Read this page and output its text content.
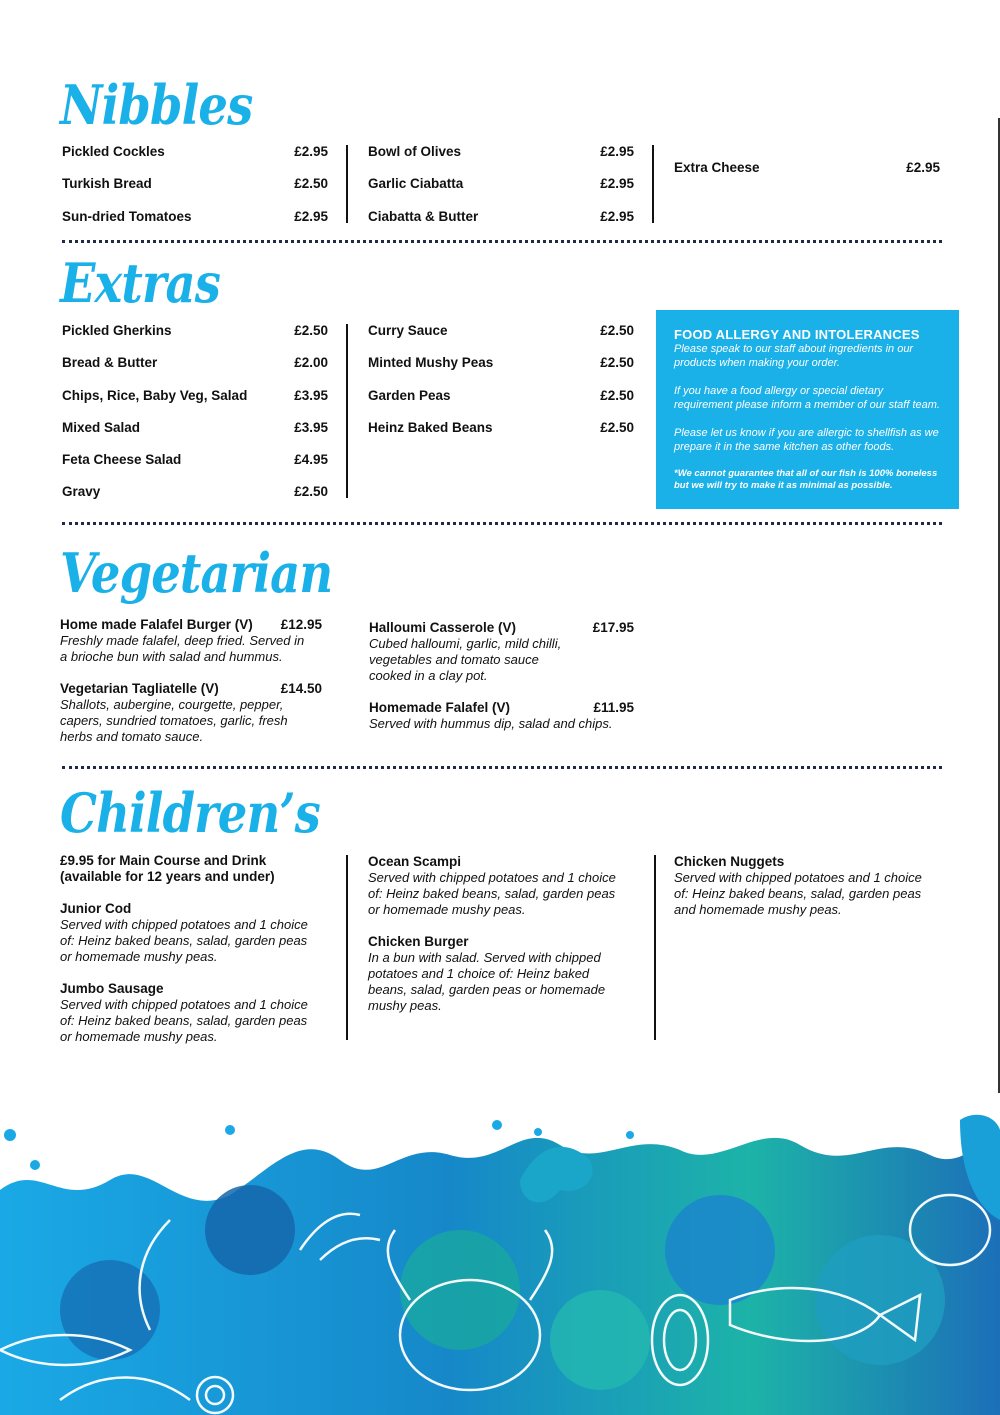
Nibbles
Pickled Cockles	£2.95
Turkish Bread	£2.50
Sun-dried Tomatoes	£2.95
Bowl of Olives	£2.95
Garlic Ciabatta	£2.95
Ciabatta & Butter	£2.95
Extra Cheese	£2.95
Extras
Pickled Gherkins	£2.50
Bread & Butter	£2.00
Chips, Rice, Baby Veg, Salad	£3.95
Mixed Salad	£3.95
Feta Cheese Salad	£4.95
Gravy	£2.50
Curry Sauce	£2.50
Minted Mushy Peas	£2.50
Garden Peas	£2.50
Heinz Baked Beans	£2.50
FOOD ALLERGY AND INTOLERANCES

Please speak to our staff about ingredients in our products when making your order.

If you have a food allergy or special dietary requirement please inform a member of our staff team.

Please let us know if you are allergic to shellfish as we prepare it in the same kitchen as other foods.

*We cannot guarantee that all of our fish is 100% boneless but we will try to make it as minimal as possible.
Vegetarian
Home made Falafel Burger (V) £12.95
Freshly made falafel, deep fried. Served in a brioche bun with salad and hummus.
Vegetarian Tagliatelle (V)	£14.50
Shallots, aubergine, courgette, pepper, capers, sundried tomatoes, garlic, fresh herbs and tomato sauce.
Halloumi Casserole (V)	£17.95
Cubed halloumi, garlic, mild chilli, vegetables and tomato sauce cooked in a clay pot.
Homemade Falafel (V)	£11.95
Served with hummus dip, salad and chips.
Children’s
£9.95 for Main Course and Drink
(available for 12 years and under)
Junior Cod
Served with chipped potatoes and 1 choice of: Heinz baked beans, salad, garden peas or homemade mushy peas.
Jumbo Sausage
Served with chipped potatoes and 1 choice of: Heinz baked beans, salad, garden peas or homemade mushy peas.
Ocean Scampi
Served with chipped potatoes and 1 choice of: Heinz baked beans, salad, garden peas or homemade mushy peas.
Chicken Burger
In a bun with salad. Served with chipped potatoes and 1 choice of: Heinz baked beans, salad, garden peas or homemade mushy peas.
Chicken Nuggets
Served with chipped potatoes and 1 choice of: Heinz baked beans, salad, garden peas and homemade mushy peas.
